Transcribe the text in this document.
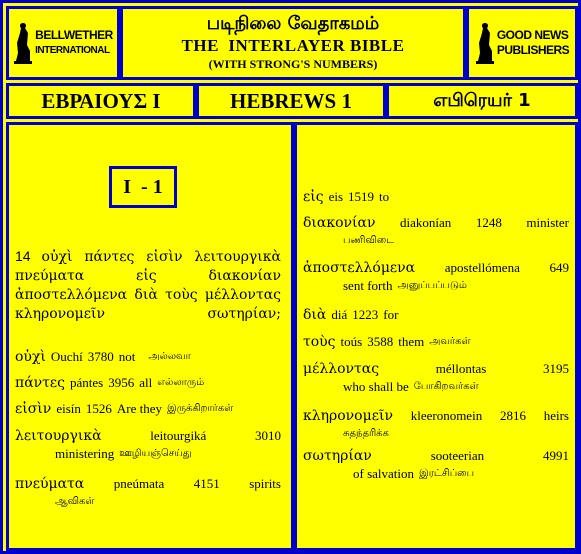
BELLWETHER
INTERNATIONAL
படிநிலை வேதாகமம்
THE  INTERLAYER BIBLE
(WITH STRONG'S NUMBERS)
GOOD NEWS
PUBLISHERS
ΕΒΡΑΙΟΥΣ Ι	HEBREWS 1	எபிரெயர் 1
I  - 1
14 οὐχὶ πάντες εἰσὶν λειτουργικὰ πνεύματα εἰς διακονίαν ἀποστελλόμενα διὰ τοὺς μέλλοντας κληρονομεῖν σωτηρίαν;
οὐχὶ Ouchí 3780 not அல்லவா
πάντες pántes 3956 all எல்லாரும்
εἰσὶν eisín 1526 Are they இருக்கிறார்கள்
λειτουργικὰ	leitourgiká	3010
ministering ஊழியஞ்செய்து
πνεύματα pneúmata 4151 spirits
ஆவிகள்
εἰς eis 1519 to
διακονίαν diakonían 1248 minister
பணிவிடை
ἀποστελλόμενα apostellómena 649
sent forth அனுப்பப்படும்
διὰ diá 1223 for
τοὺς toús 3588 them அவர்கள்
μέλλοντας	méllontas	3195
who shall be போகிறவர்கள்
κληρονομεῖν kleeronomein 2816 heirs
சுதந்தரிக்க
σωτηρίαν	sooteerian	4991
of salvation இரட்சிப்பை
